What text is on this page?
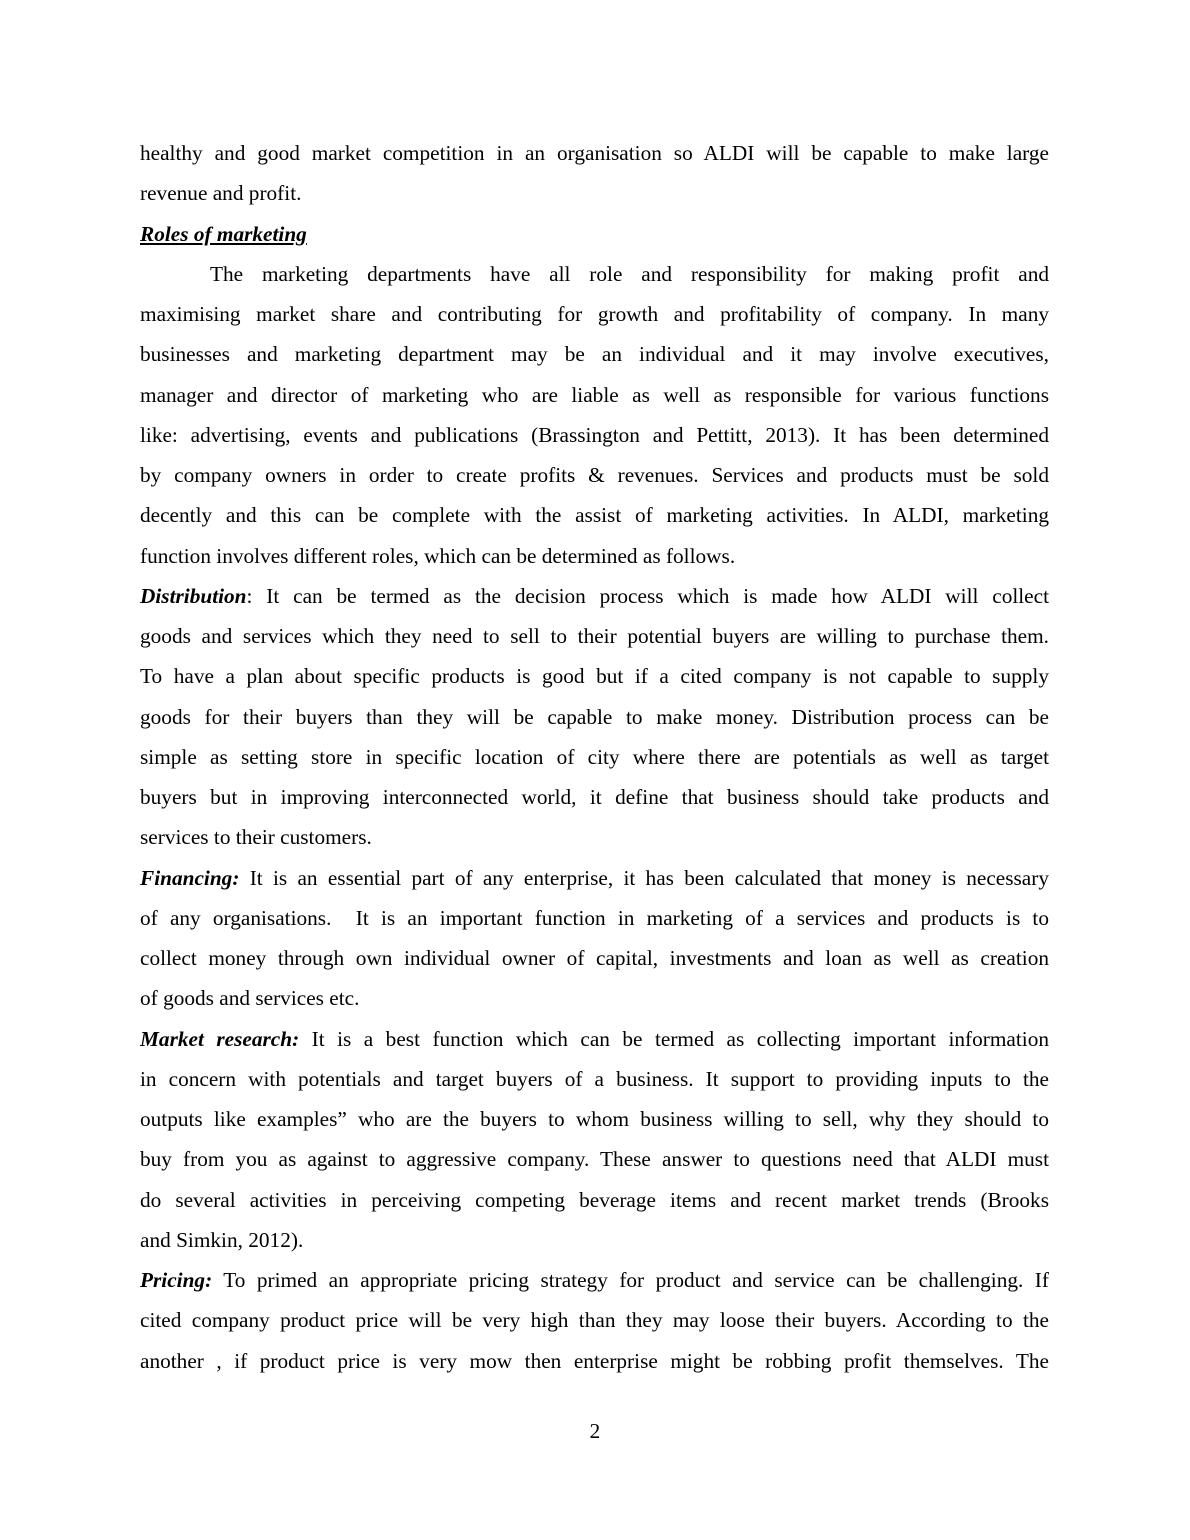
healthy and good market competition in an organisation so ALDI will be capable to make large
revenue and profit.
Roles of marketing
The marketing departments have all role and responsibility for making profit and
maximising market share and contributing for growth and profitability of company. In many
businesses and marketing department may be an individual and it may involve executives,
manager and director of marketing who are liable as well as responsible for various functions
like: advertising, events and publications (Brassington and Pettitt, 2013). It has been determined
by company owners in order to create profits & revenues. Services and products must be sold
decently and this can be complete with the assist of marketing activities. In ALDI, marketing
function involves different roles, which can be determined as follows.
Distribution: It can be termed as the decision process which is made how ALDI will collect
goods and services which they need to sell to their potential buyers are willing to purchase them.
To have a plan about specific products is good but if a cited company is not capable to supply
goods for their buyers than they will be capable to make money. Distribution process can be
simple as setting store in specific location of city where there are potentials as well as target
buyers but in improving interconnected world, it define that business should take products and
services to their customers.
Financing: It is an essential part of any enterprise, it has been calculated that money is necessary
of any organisations.  It is an important function in marketing of a services and products is to
collect money through own individual owner of capital, investments and loan as well as creation
of goods and services etc.
Market research: It is a best function which can be termed as collecting important information
in concern with potentials and target buyers of a business. It support to providing inputs to the
outputs like examples” who are the buyers to whom business willing to sell, why they should to
buy from you as against to aggressive company. These answer to questions need that ALDI must
do several activities in perceiving competing beverage items and recent market trends (Brooks
and Simkin, 2012).
Pricing: To primed an appropriate pricing strategy for product and service can be challenging. If
cited company product price will be very high than they may loose their buyers. According to the
another , if product price is very mow then enterprise might be robbing profit themselves. The
2
